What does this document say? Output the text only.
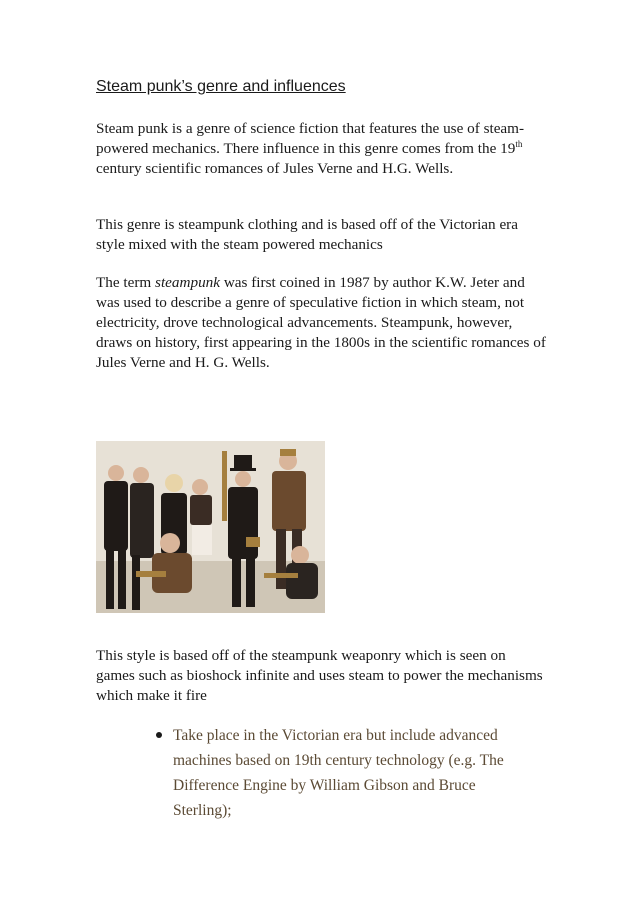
Steam punk’s genre and influences

Steam punk is a genre of science fiction that features the use of steam-powered mechanics. There influence in this genre comes from the 19th century scientific romances of Jules Verne and H.G. Wells.

This genre is steampunk clothing and is based off of the Victorian era style mixed with the steam powered mechanics

The term steampunk was first coined in 1987 by author K.W. Jeter and was used to describe a genre of speculative fiction in which steam, not electricity, drove technological advancements. Steampunk, however, draws on history, first appearing in the 1800s in the scientific romances of Jules Verne and H. G. Wells.

This style is based off of the steampunk weaponry which is seen on games such as bioshock infinite and uses steam to power the mechanisms which make it fire

Take place in the Victorian era but include advanced machines based on 19th century technology (e.g. The Difference Engine by William Gibson and Bruce Sterling);
